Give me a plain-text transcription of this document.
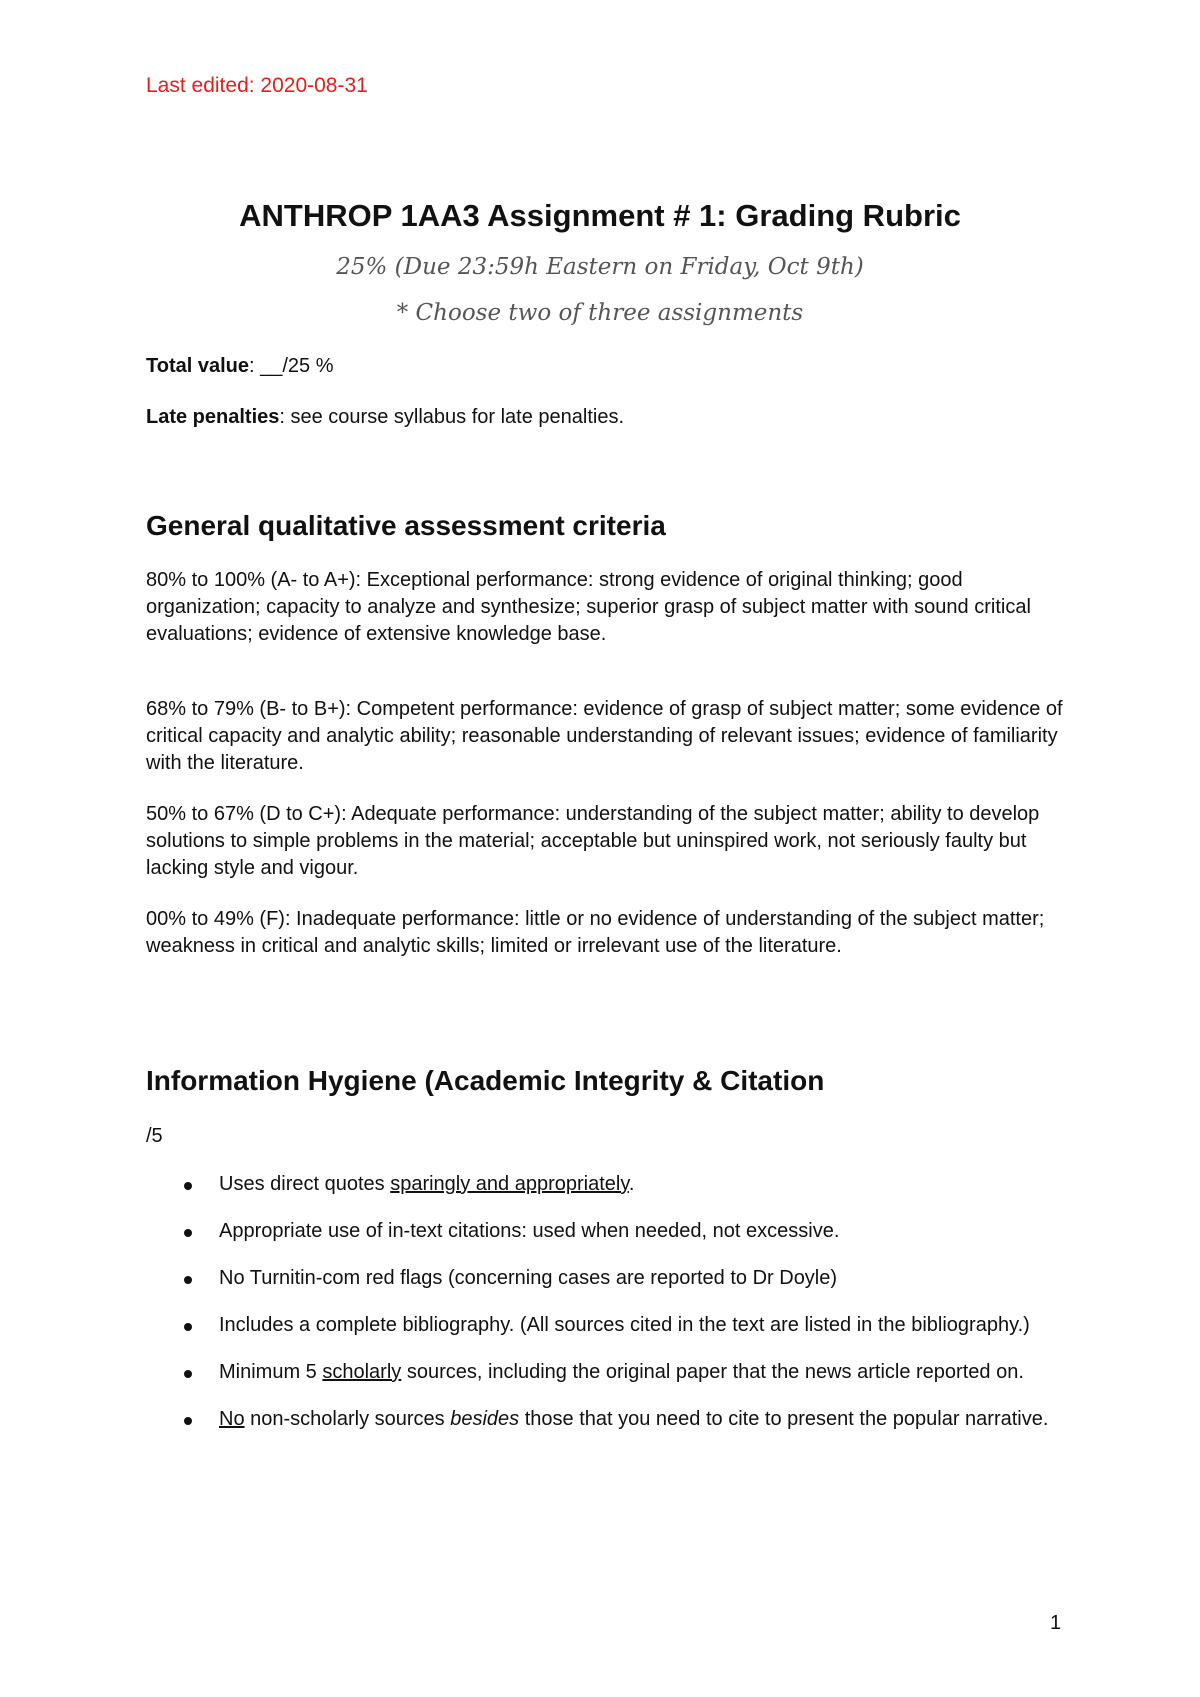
Last edited: 2020-08-31
ANTHROP 1AA3 Assignment # 1: Grading Rubric
25% (Due 23:59h Eastern on Friday, Oct 9th)
* Choose two of three assignments
Total value: __/25 %
Late penalties: see course syllabus for late penalties.
General qualitative assessment criteria
80% to 100% (A- to A+): Exceptional performance: strong evidence of original thinking; good organization; capacity to analyze and synthesize; superior grasp of subject matter with sound critical evaluations; evidence of extensive knowledge base.
68% to 79% (B- to B+): Competent performance: evidence of grasp of subject matter; some evidence of critical capacity and analytic ability; reasonable understanding of relevant issues; evidence of familiarity with the literature.
50% to 67% (D to C+): Adequate performance: understanding of the subject matter; ability to develop solutions to simple problems in the material; acceptable but uninspired work, not seriously faulty but lacking style and vigour.
00% to 49% (F): Inadequate performance: little or no evidence of understanding of the subject matter; weakness in critical and analytic skills; limited or irrelevant use of the literature.
Information Hygiene (Academic Integrity & Citation
/5
Uses direct quotes sparingly and appropriately.
Appropriate use of in-text citations: used when needed, not excessive.
No Turnitin-com red flags (concerning cases are reported to Dr Doyle)
Includes a complete bibliography. (All sources cited in the text are listed in the bibliography.)
Minimum 5 scholarly sources, including the original paper that the news article reported on.
No non-scholarly sources besides those that you need to cite to present the popular narrative.
1
